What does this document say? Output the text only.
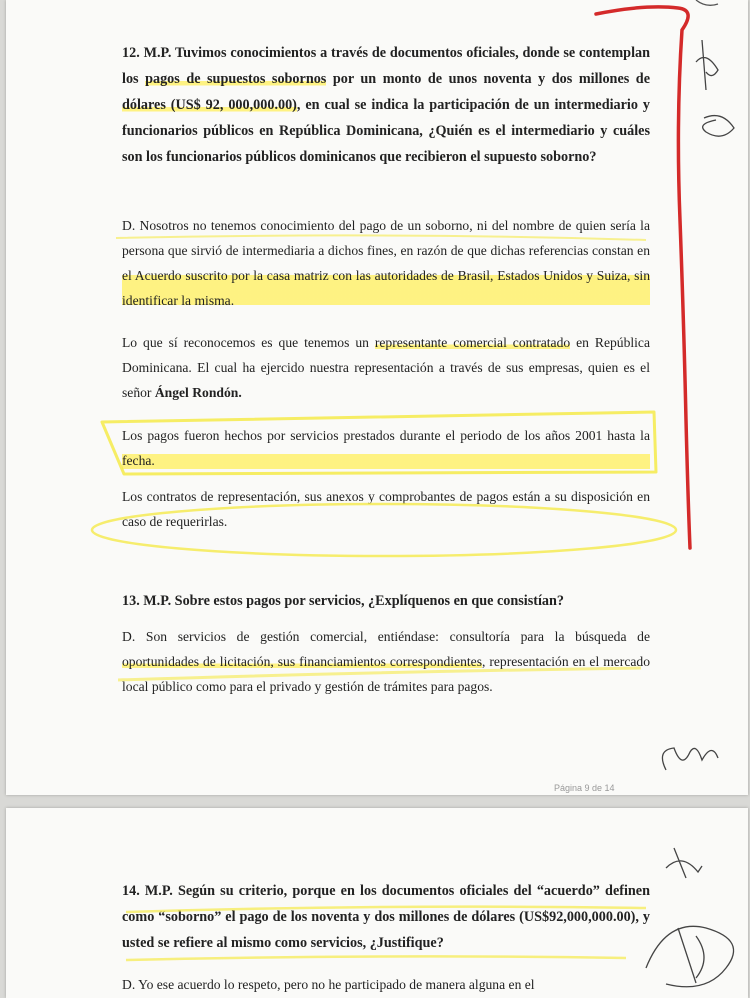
12. M.P. Tuvimos conocimientos a través de documentos oficiales, donde se contemplan los pagos de supuestos sobornos por un monto de unos noventa y dos millones de dólares (US$ 92, 000,000.00), en cual se indica la participación de un intermediario y funcionarios públicos en República Dominicana, ¿Quién es el intermediario y cuáles son los funcionarios públicos dominicanos que recibieron el supuesto soborno?

D. Nosotros no tenemos conocimiento del pago de un soborno, ni del nombre de quien sería la persona que sirvió de intermediaria a dichos fines, en razón de que dichas referencias constan en el Acuerdo suscrito por la casa matriz con las autoridades de Brasil, Estados Unidos y Suiza, sin identificar la misma.

Lo que sí reconocemos es que tenemos un representante comercial contratado en República Dominicana. El cual ha ejercido nuestra representación a través de sus empresas, quien es el señor Ángel Rondón.

Los pagos fueron hechos por servicios prestados durante el periodo de los años 2001 hasta la fecha.

Los contratos de representación, sus anexos y comprobantes de pagos están a su disposición en caso de requerirlas.

13. M.P. Sobre estos pagos por servicios, ¿Explíquenos en que consistían?

D. Son servicios de gestión comercial, entiéndase: consultoría para la búsqueda de oportunidades de licitación, sus financiamientos correspondientes, representación en el mercado local público como para el privado y gestión de trámites para pagos.

Página 9 de 14

14. M.P. Según su criterio, porque en los documentos oficiales del “acuerdo” definen como “soborno” el pago de los noventa y dos millones de dólares (US$92,000,000.00), y usted se refiere al mismo como servicios, ¿Justifique?

D. Yo ese acuerdo lo respeto, pero no he participado de manera alguna en el
